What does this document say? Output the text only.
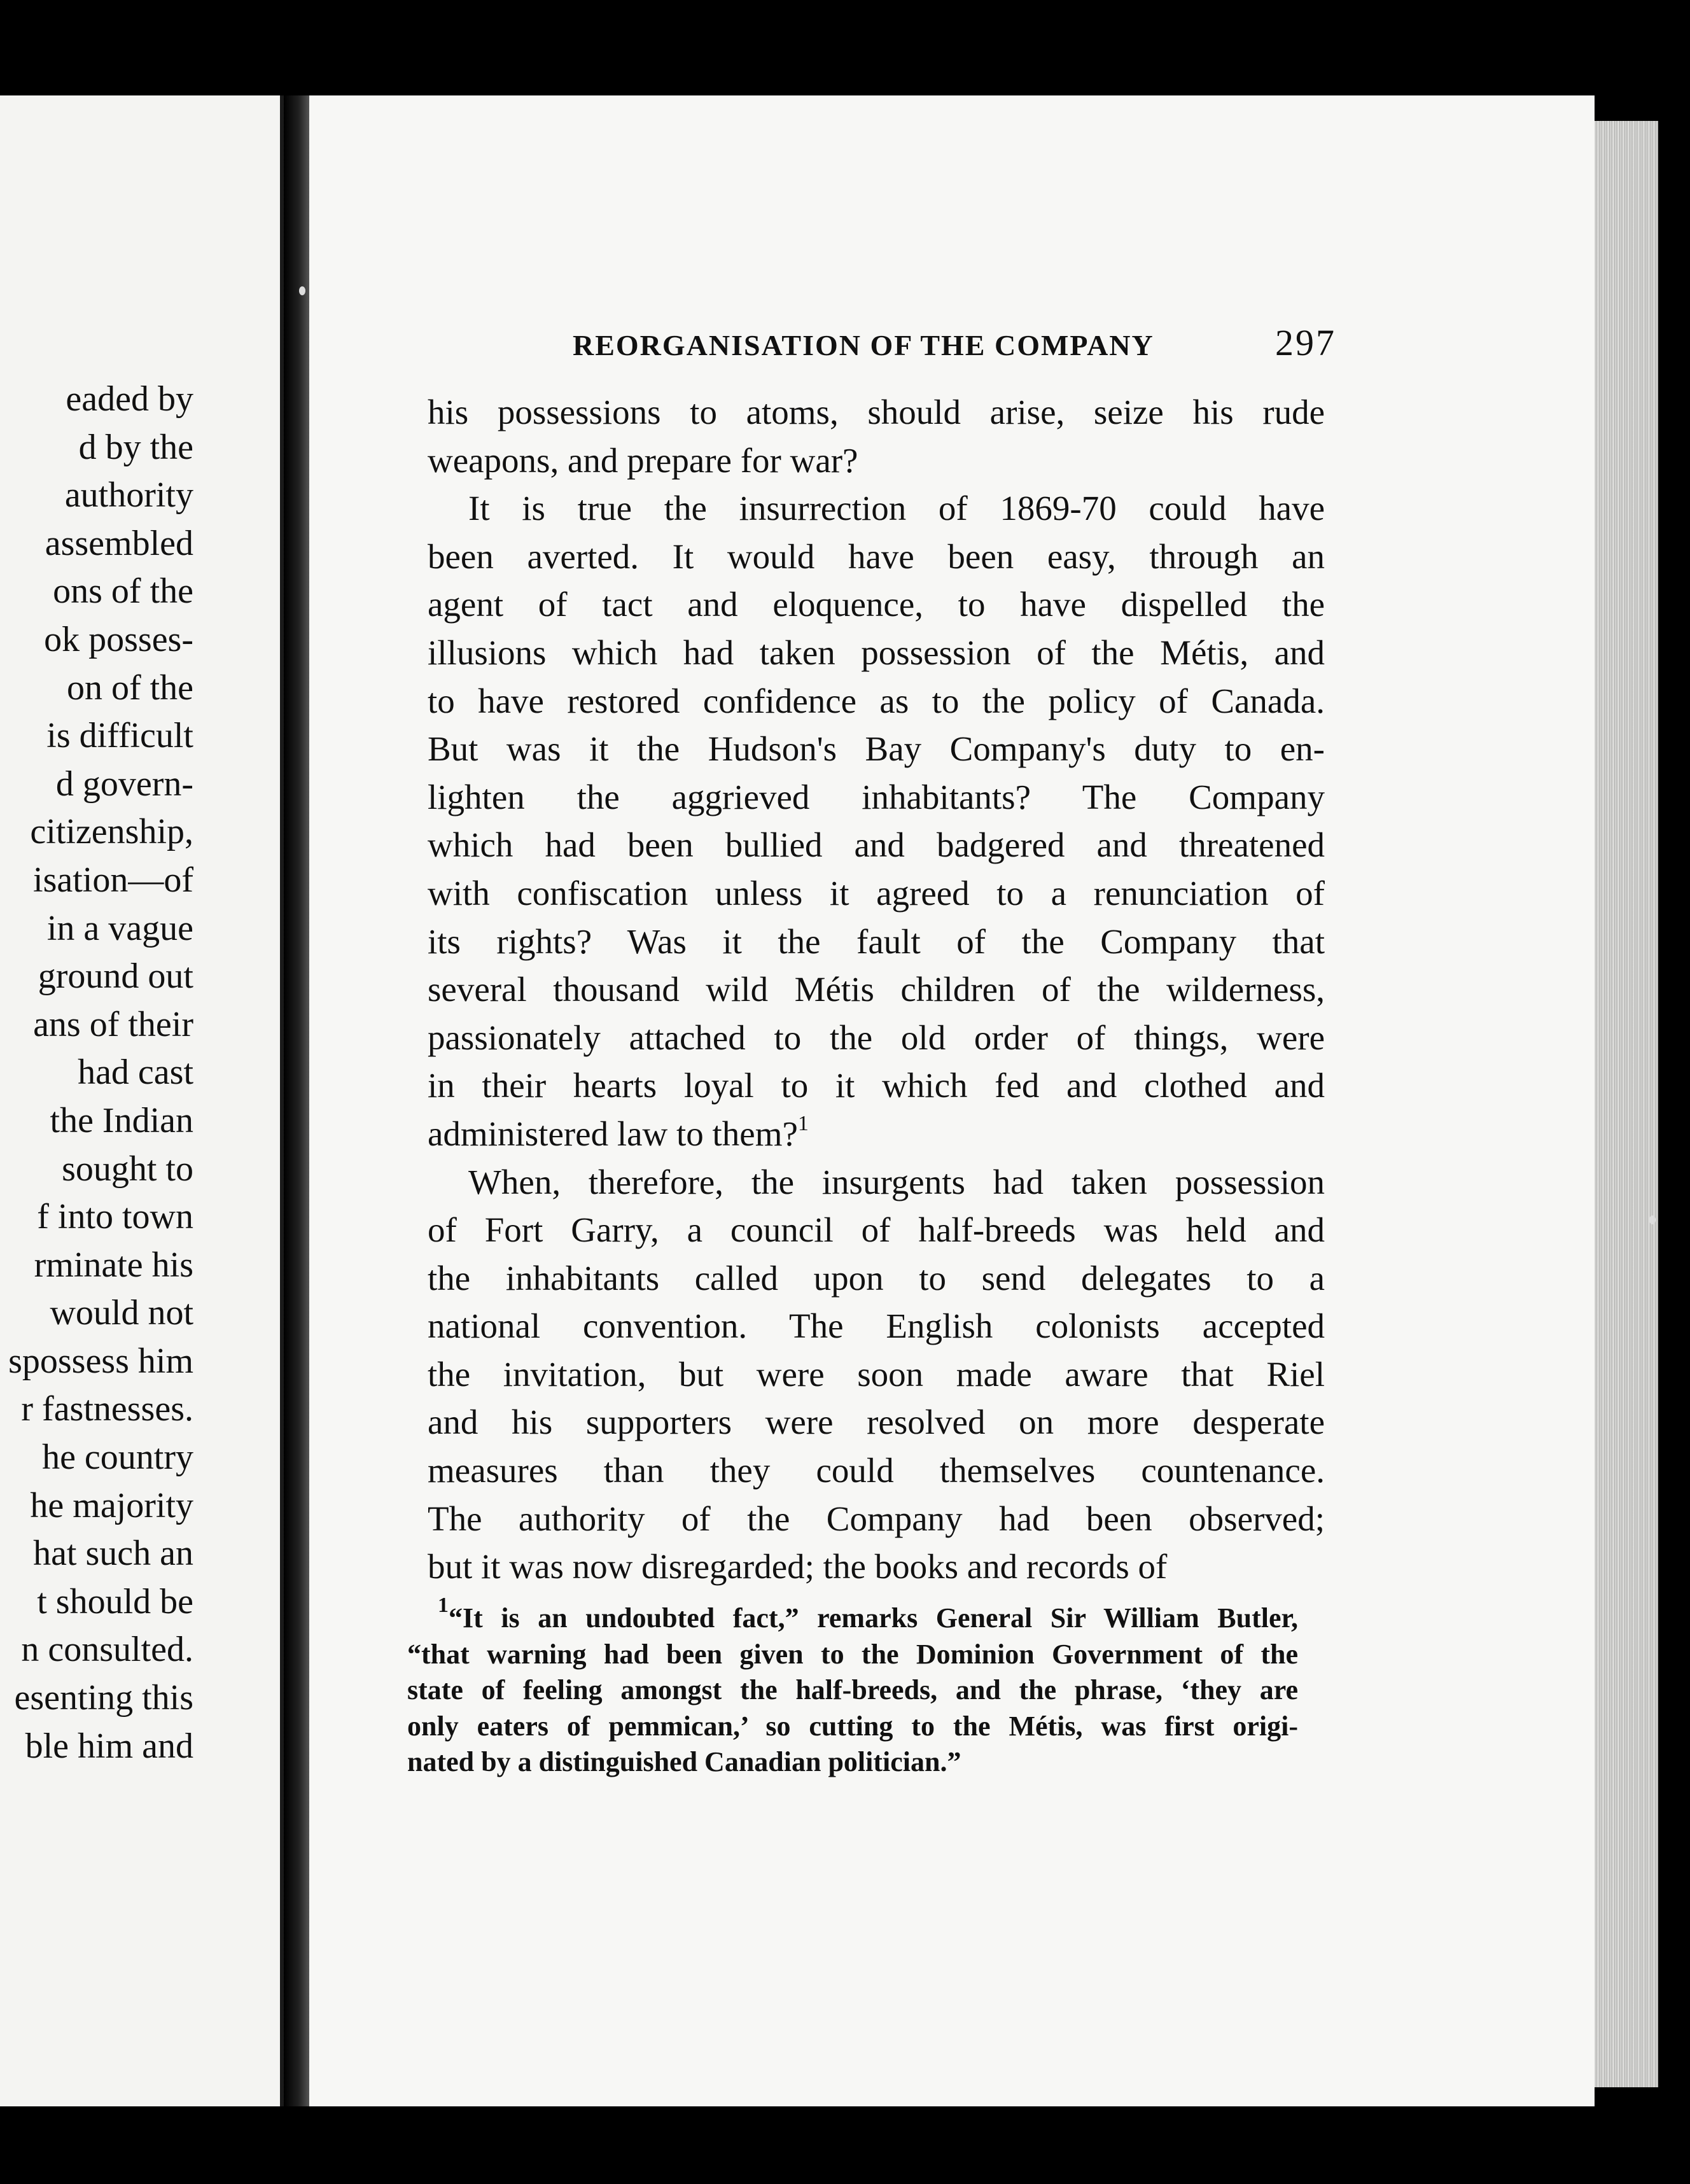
eaded by
d by the
authority
assembled
ons of the
ok posses-
on of the
is difficult
d govern-
citizenship,
isation—of
in a vague
ground out
ans of their
had cast
the Indian
sought to
f into town
rminate his
would not
spossess him
r fastnesses.
he country
he majority
hat such an
t should be
n consulted.
esenting this
ble him and
REORGANISATION OF THE COMPANY	297
his possessions to atoms, should arise, seize his rude
weapons, and prepare for war?
It is true the insurrection of 1869-70 could have
been averted. It would have been easy, through an
agent of tact and eloquence, to have dispelled the
illusions which had taken possession of the Métis, and
to have restored confidence as to the policy of Canada.
But was it the Hudson's Bay Company's duty to en-
lighten the aggrieved inhabitants? The Company
which had been bullied and badgered and threatened
with confiscation unless it agreed to a renunciation of
its rights? Was it the fault of the Company that
several thousand wild Métis children of the wilderness,
passionately attached to the old order of things, were
in their hearts loyal to it which fed and clothed and
administered law to them?$^1$
When, therefore, the insurgents had taken possession
of Fort Garry, a council of half-breeds was held and
the inhabitants called upon to send delegates to a
national convention. The English colonists accepted
the invitation, but were soon made aware that Riel
and his supporters were resolved on more desperate
measures than they could themselves countenance.
The authority of the Company had been observed;
but it was now disregarded; the books and records of
$^1$“It is an undoubted fact,” remarks General Sir William Butler,
“that warning had been given to the Dominion Government of the
state of feeling amongst the half-breeds, and the phrase, ‘they are
only eaters of pemmican,’ so cutting to the Métis, was first origi-
nated by a distinguished Canadian politician.”
